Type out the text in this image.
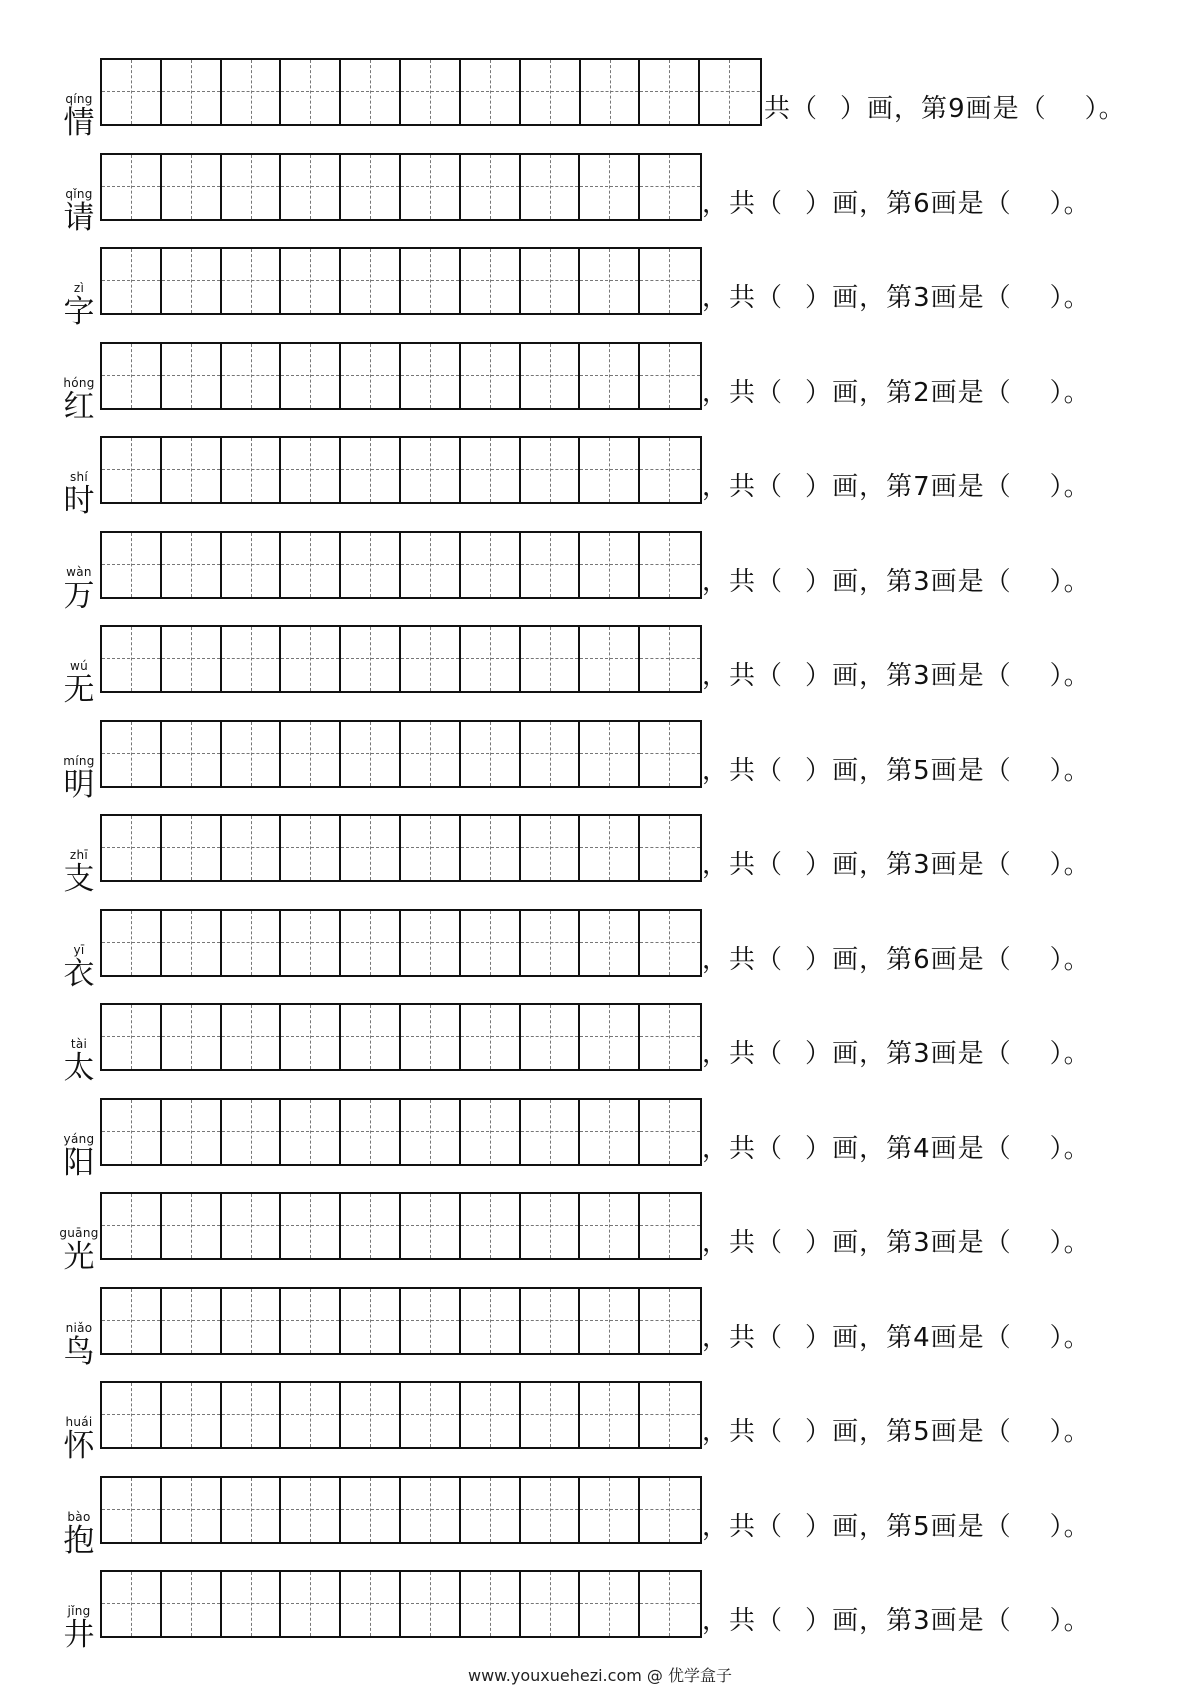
qíng
情	共（ ）画，第9画是（ ）。
qǐng
请	，共（ ）画，第6画是（ ）。
zì
字	，共（ ）画，第3画是（ ）。
hóng
红	，共（ ）画，第2画是（ ）。
shí
时	，共（ ）画，第7画是（ ）。
wàn
万	，共（ ）画，第3画是（ ）。
wú
无	，共（ ）画，第3画是（ ）。
míng
明	，共（ ）画，第5画是（ ）。
zhī
支	，共（ ）画，第3画是（ ）。
yī
衣	，共（ ）画，第6画是（ ）。
tài
太	，共（ ）画，第3画是（ ）。
yáng
阳	，共（ ）画，第4画是（ ）。
guāng
光	，共（ ）画，第3画是（ ）。
niǎo
鸟	，共（ ）画，第4画是（ ）。
huái
怀	，共（ ）画，第5画是（ ）。
bào
抱	，共（ ）画，第5画是（ ）。
jǐng
井	，共（ ）画，第3画是（ ）。
www.youxuehezi.com @ 优学盒子
